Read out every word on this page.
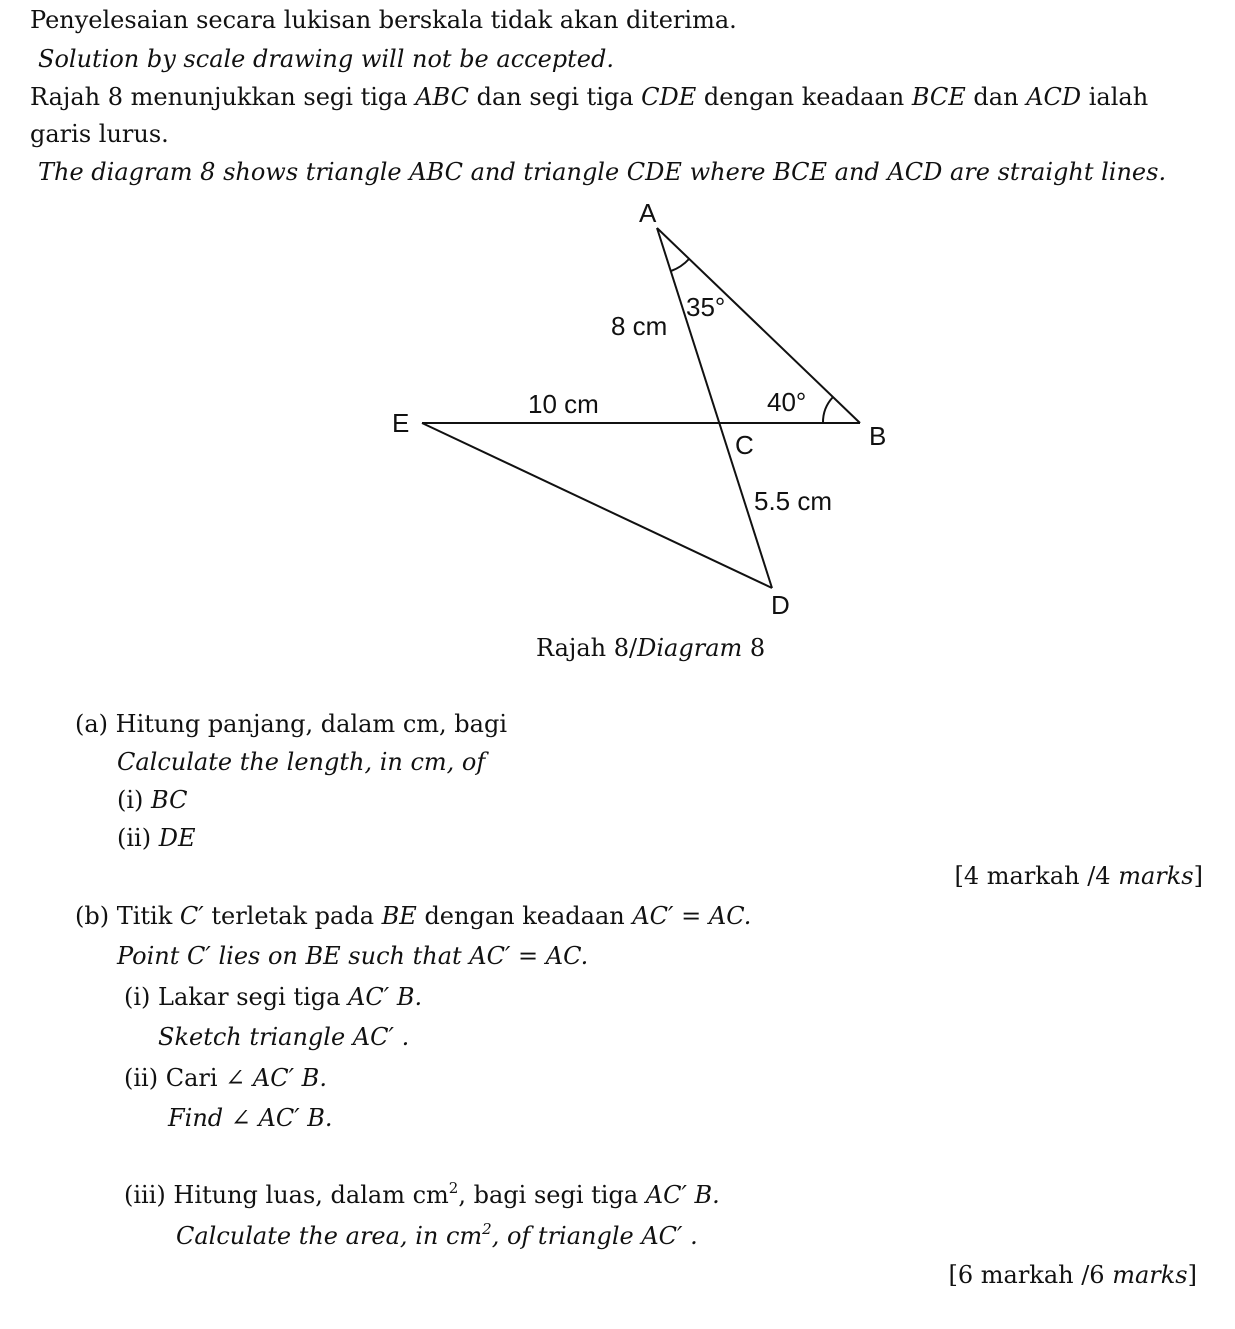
Penyelesaian secara lukisan berskala tidak akan diterima.
Solution by scale drawing will not be accepted.
Rajah 8 menunjukkan segi tiga ABC dan segi tiga CDE dengan keadaan BCE dan ACD ialah
garis lurus.
The diagram 8 shows triangle ABC and triangle CDE where BCE and ACD are straight lines.
A
B
C
D
E
8 cm
10 cm
5.5 cm
35°
40°
Rajah 8/Diagram 8
(a) Hitung panjang, dalam cm, bagi
Calculate the length, in cm, of
(i) BC
(ii) DE
[4 markah /4 marks]
(b) Titik C′ terletak pada BE dengan keadaan AC′ = AC.
Point C′ lies on BE such that AC′ = AC.
(i) Lakar segi tiga AC′ B.
Sketch triangle AC′ .
(ii) Cari ∠ AC′ B.
Find ∠ AC′ B.
(iii) Hitung luas, dalam $cm^2$, bagi segi tiga AC′ B.
Calculate the area, in $cm^2$, of triangle AC′ .
[6 markah /6 marks]
